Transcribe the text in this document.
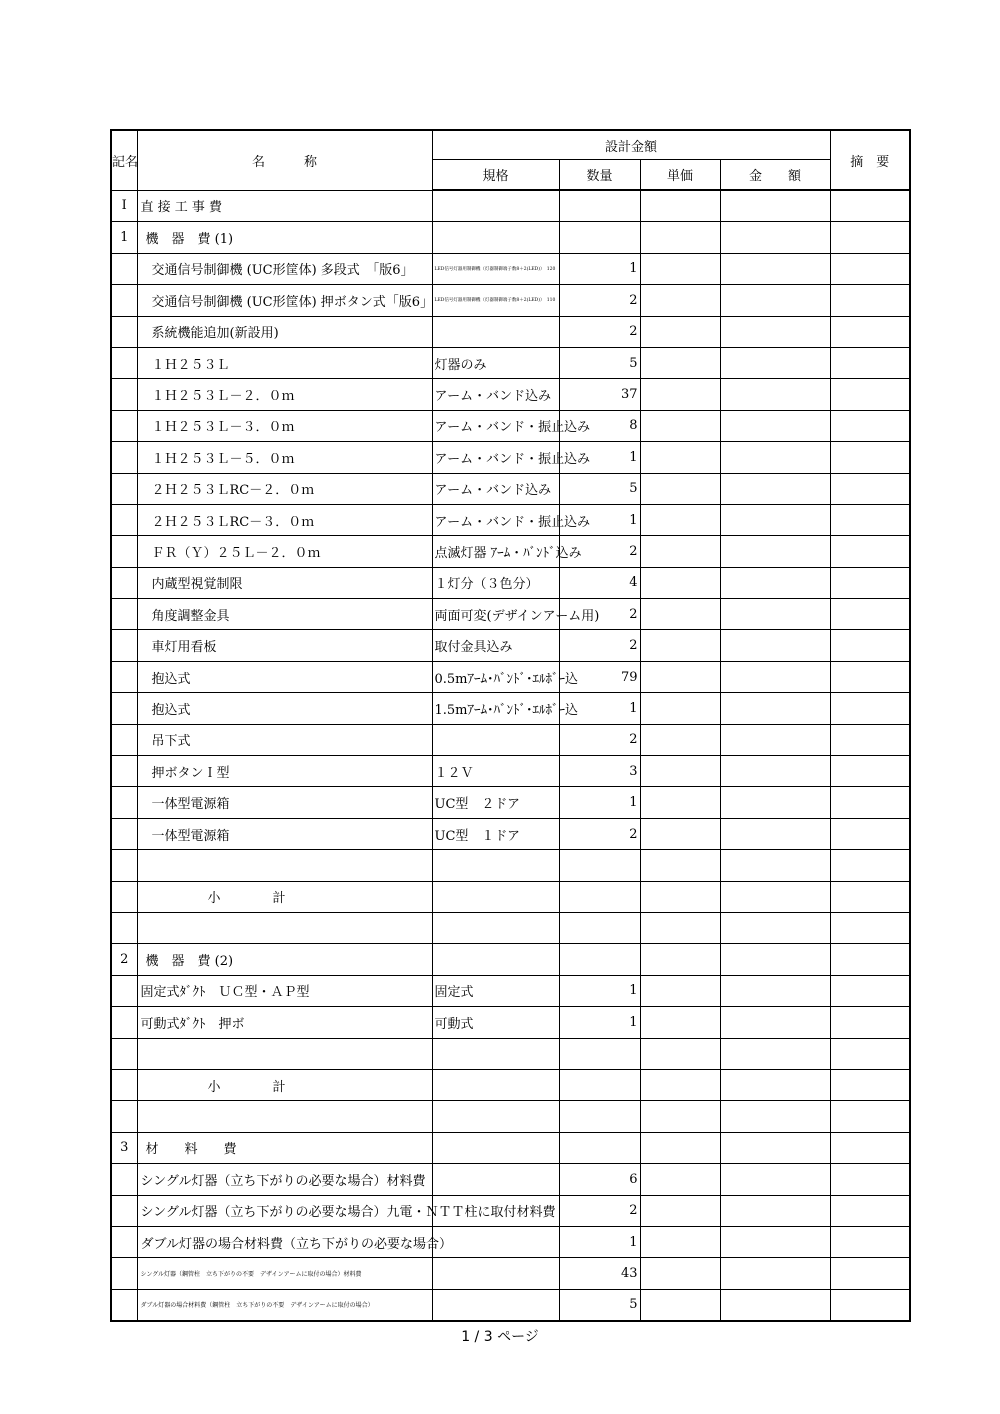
記名	名　　　称	設計金額				摘　要
		規格	数量	単価	金　　額	
I	直 接 工 事 費					
1	機　器　費 (1)					
	交通信号制御機 (UC形筐体) 多段式　「版6」	LED信号灯器用制御機（灯器制御端子数8＋2(LED)）　120	1			
	交通信号制御機 (UC形筐体) 押ボタン式「版6」	LED信号灯器用制御機（灯器制御端子数8＋2(LED)）　110	2			
	系統機能追加(新設用)		2			
	１Ｈ２５３Ｌ	灯器のみ	5			
	１Ｈ２５３Ｌ－２．０ｍ	アーム・バンド込み	37			
	１Ｈ２５３Ｌ－３．０ｍ	アーム・バンド・振止込み	8			
	１Ｈ２５３Ｌ－５．０ｍ	アーム・バンド・振止込み	1			
	２Ｈ２５３ＬRC－２．０ｍ	アーム・バンド込み	5			
	２Ｈ２５３ＬRC－３．０ｍ	アーム・バンド・振止込み	1			
	ＦＲ（Ｙ）２５Ｌ－２．０ｍ	点滅灯器 ｱｰﾑ・ﾊﾞﾝﾄﾞ込み	2			
	内蔵型視覚制限	１灯分（３色分）	4			
	角度調整金具	両面可変(デザインアーム用)	2			
	車灯用看板	取付金具込み	2			
	抱込式	0.5mｱｰﾑ･ﾊﾞﾝﾄﾞ･ｴﾙﾎﾞｰ込	79			
	抱込式	1.5mｱｰﾑ･ﾊﾞﾝﾄﾞ･ｴﾙﾎﾞｰ込	1			
	吊下式		2			
	押ボタンＩ型	１２Ｖ	3			
	一体型電源箱	UC型　２ドア	1			
	一体型電源箱	UC型　１ドア	2			

	小　　　　計					

2	機　器　費 (2)					
	固定式ﾀﾞｸﾄ　ＵＣ型・ＡＰ型	固定式	1			
	可動式ﾀﾞｸﾄ　押ボ	可動式	1			

	小　　　　計					

3	材　　料　　費					
	シングル灯器（立ち下がりの必要な場合）材料費		6			
	シングル灯器（立ち下がりの必要な場合）九電・ＮＴＴ柱に取付材料費		2			
	ダブル灯器の場合材料費（立ち下がりの必要な場合）		1			
	シングル灯器（鋼管柱　立ち下がりの不要　デザインアームに取付の場合）材料費		43			
	ダブル灯器の場合材料費（鋼管柱　立ち下がりの不要　デザインアームに取付の場合）		5			
1 / 3 ページ
